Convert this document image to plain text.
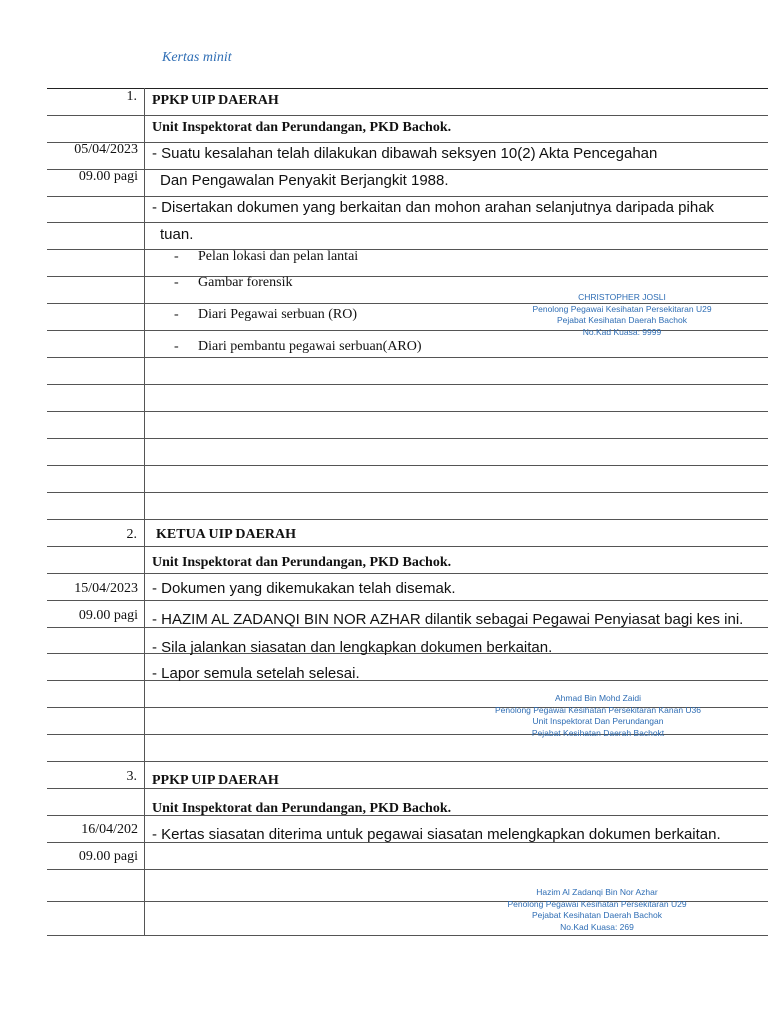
Kertas minit
1. PPKP UIP DAERAH
Unit Inspektorat dan Perundangan, PKD Bachok.
05/04/2023
09.00 pagi
- Suatu kesalahan telah dilakukan dibawah seksyen 10(2) Akta Pencegahan
Dan Pengawalan Penyakit Berjangkit 1988.
- Disertakan dokumen yang berkaitan dan mohon arahan selanjutnya daripada pihak
tuan.
- Pelan lokasi dan pelan lantai
- Gambar forensik
- Diari Pegawai serbuan (RO)
- Diari pembantu pegawai serbuan(ARO)
CHRISTOPHER JOSLI
Penolong Pegawai Kesihatan Persekitaran U29
Pejabat Kesihatan Daerah Bachok
No.Kad Kuasa: 9999
2. KETUA UIP DAERAH
Unit Inspektorat dan Perundangan, PKD Bachok.
15/04/2023
09.00 pagi
- Dokumen yang dikemukakan telah disemak.
- HAZIM AL ZADANQI BIN NOR AZHAR dilantik sebagai Pegawai Penyiasat bagi kes ini.
- Sila jalankan siasatan dan lengkapkan dokumen berkaitan.
- Lapor semula setelah selesai.
Ahmad Bin Mohd Zaidi
Penolong Pegawai Kesihatan Persekitaran Kanan U36
Unit Inspektorat Dan Perundangan
Pejabat Kesihatan Daerah Bachokt
3. PPKP UIP DAERAH
Unit Inspektorat dan Perundangan, PKD Bachok.
16/04/202
09.00 pagi
- Kertas siasatan diterima untuk pegawai siasatan melengkapkan dokumen berkaitan.
Hazim Al Zadanqi Bin Nor Azhar
Penolong Pegawai Kesihatan Persekitaran U29
Pejabat Kesihatan Daerah Bachok
No.Kad Kuasa: 269
